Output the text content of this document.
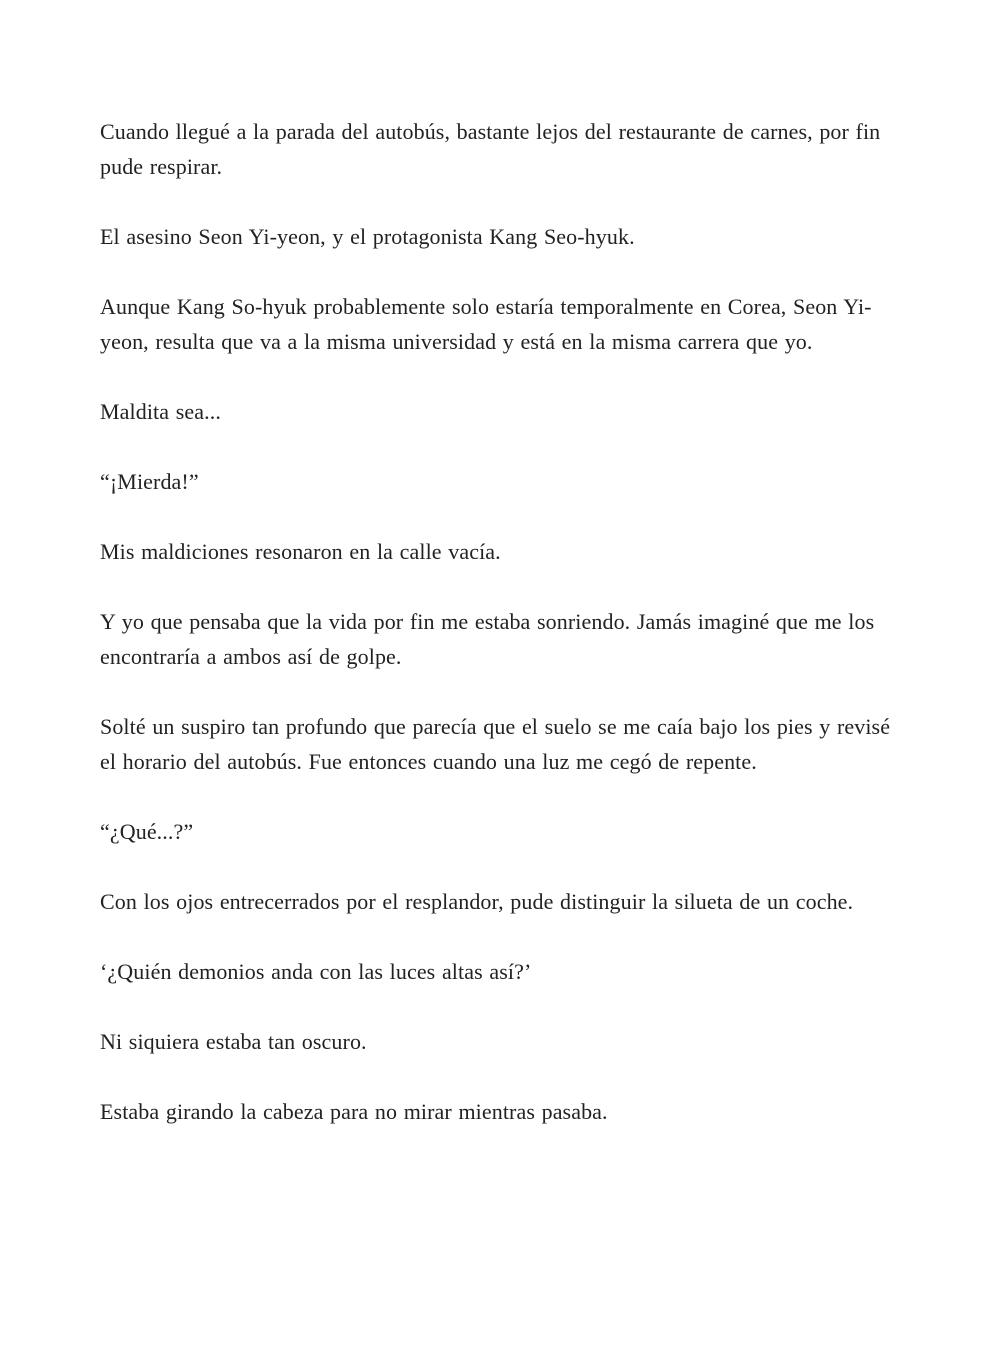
Cuando llegué a la parada del autobús, bastante lejos del restaurante de carnes, por fin pude respirar.

El asesino Seon Yi-yeon, y el protagonista Kang Seo-hyuk.

Aunque Kang So-hyuk probablemente solo estaría temporalmente en Corea, Seon Yi-yeon, resulta que va a la misma universidad y está en la misma carrera que yo.

Maldita sea...

“¡Mierda!”

Mis maldiciones resonaron en la calle vacía.

Y yo que pensaba que la vida por fin me estaba sonriendo. Jamás imaginé que me los encontraría a ambos así de golpe.

Solté un suspiro tan profundo que parecía que el suelo se me caía bajo los pies y revisé el horario del autobús. Fue entonces cuando una luz me cegó de repente.

“¿Qué...?”

Con los ojos entrecerrados por el resplandor, pude distinguir la silueta de un coche.

‘¿Quién demonios anda con las luces altas así?’

Ni siquiera estaba tan oscuro.

Estaba girando la cabeza para no mirar mientras pasaba.
